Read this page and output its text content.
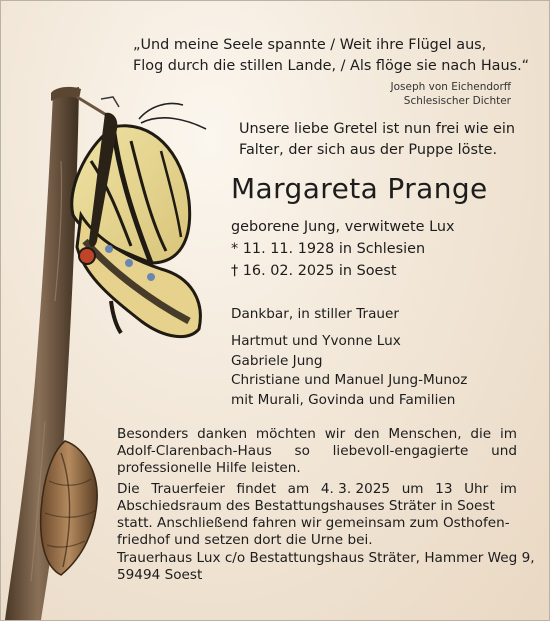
„Und meine Seele spannte / Weit ihre Flügel aus,
Flog durch die stillen Lande, / Als flöge sie nach Haus.“
Joseph von Eichendorff
Schlesischer Dichter
Unsere liebe Gretel ist nun frei wie ein
Falter, der sich aus der Puppe löste.
Margareta Prange
geborene Jung, verwitwete Lux
* 11. 11. 1928 in Schlesien
† 16. 02. 2025 in Soest
Dankbar, in stiller Trauer
Hartmut und Yvonne Lux
Gabriele Jung
Christiane und Manuel Jung-Munoz
mit Murali, Govinda und Familien
Besonders danken möchten wir den Menschen, die im
Adolf-Clarenbach-Haus so liebevoll-engagierte und
professionelle Hilfe leisten.
Die Trauerfeier findet am 4. 3. 2025 um 13 Uhr im
Abschiedsraum des Bestattungshauses Sträter in Soest
statt. Anschließend fahren wir gemeinsam zum Osthofen-
friedhof und setzen dort die Urne bei.
Trauerhaus Lux c/o Bestattungshaus Sträter, Hammer Weg 9,
59494 Soest
